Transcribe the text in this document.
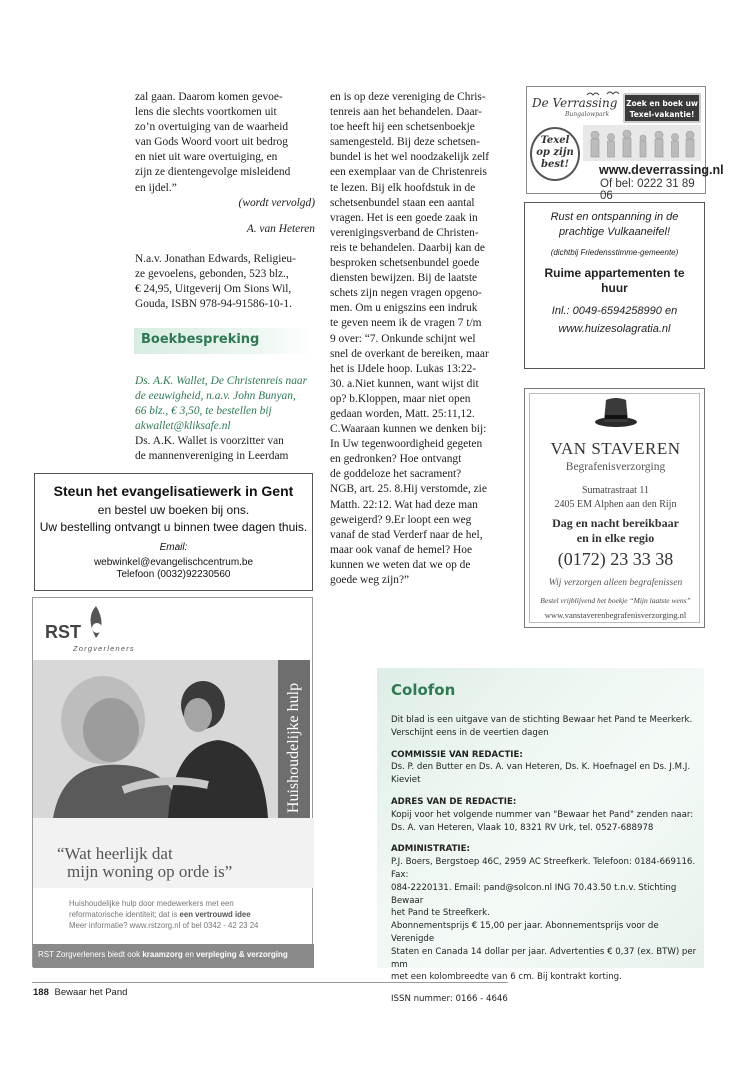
zal gaan. Daarom komen gevoe-
lens die slechts voortkomen uit
zo’n overtuiging van de waarheid
van Gods Woord voort uit bedrog
en niet uit ware overtuiging, en
zijn ze dientengevolge misleidend
en ijdel.”
(wordt vervolgd)
A. van Heteren
N.a.v. Jonathan Edwards, Religieu-
ze gevoelens, gebonden, 523 blz.,
€ 24,95, Uitgeverij Om Sions Wil,
Gouda, ISBN 978-94-91586-10-1.
Boekbespreking
Ds. A.K. Wallet, De Christenreis naar
de eeuwigheid, n.a.v. John Bunyan,
66 blz., € 3,50, te bestellen bij
akwallet@kliksafe.nl
Ds. A.K. Wallet is voorzitter van
de mannenvereniging in Leerdam
en is op deze vereniging de Chris-
tenreis aan het behandelen. Daar-
toe heeft hij een schetsenboekje
samengesteld. Bij deze schetsen-
bundel is het wel noodzakelijk zelf
een exemplaar van de Christenreis
te lezen. Bij elk hoofdstuk in de
schetsenbundel staan een aantal
vragen. Het is een goede zaak in
verenigingsverband de Christen-
reis te behandelen. Daarbij kan de
besproken schetsenbundel goede
diensten bewijzen. Bij de laatste
schets zijn negen vragen opgeno-
men. Om u enigszins een indruk
te geven neem ik de vragen 7 t/m
9 over: “7. Onkunde schijnt wel
snel de overkant de bereiken, maar
het is IJdele hoop. Lukas 13:22-
30. a.Niet kunnen, want wijst dit
op? b.Kloppen, maar niet open
gedaan worden, Matt. 25:11,12.
C.Waaraan kunnen we denken bij:
In Uw tegenwoordigheid gegeten
en gedronken? Hoe ontvangt
de goddeloze het sacrament?
NGB, art. 25. 8.Hij verstomde, zie
Matth. 22:12. Wat had deze man
geweigerd? 9.Er loopt een weg
vanaf de stad Verderf naar de hel,
maar ook vanaf de hemel? Hoe
kunnen we weten dat we op de
goede weg zijn?”
De Verrassing
Bungalowpark
Zoek en boek uw
Texel-vakantie!
Texel
op zijn
best!	www.deverrassing.nl
Of bel: 0222 31 89 06
Rust en ontspanning in de
prachtige Vulkaaneifel!
(dichtbij Friedensstimme-gemeente)
Ruime appartementen te
huur
Inl.: 0049-6594258990 en
www.huizesolagratia.nl
VAN STAVEREN
Begrafenisverzorging
Sumatrastraat 11
2405 EM Alphen aan den Rijn
Dag en nacht bereikbaar
en in elke regio
(0172) 23 33 38
Wij verzorgen alleen begrafenissen
Bestel vrijblijvend het boekje “Mijn laatste wens”
www.vanstaverenbegrafenisverzorging.nl
Steun het evangelisatiewerk in Gent
en bestel uw boeken bij ons.
Uw bestelling ontvangt u binnen twee dagen thuis.
Email:
webwinkel@evangelischcentrum.be
Telefoon (0032)92230560
RST
Zorgverleners
Huishoudelijke hulp
“Wat heerlijk dat
mijn woning op orde is”
Huishoudelijke hulp door medewerkers met een
reformatorische identiteit; dat is een vertrouwd idee
Meer informatie? www.rstzorg.nl of bel 0342 - 42 23 24
RST Zorgverleners biedt ook kraamzorg en verpleging & verzorging
Colofon
Dit blad is een uitgave van de stichting Bewaar het Pand te Meerkerk.
Verschijnt eens in de veertien dagen
COMMISSIE VAN REDACTIE:
Ds. P. den Butter en Ds. A. van Heteren, Ds. K. Hoefnagel en Ds. J.M.J. Kieviet
ADRES VAN DE REDACTIE:
Kopij voor het volgende nummer van "Bewaar het Pand" zenden naar:
Ds. A. van Heteren, Vlaak 10, 8321 RV Urk, tel. 0527-688978
ADMINISTRATIE:
P.J. Boers, Bergstoep 46C, 2959 AC Streefkerk. Telefoon: 0184-669116. Fax:
084-2220131. Email: pand@solcon.nl ING 70.43.50 t.n.v. Stichting Bewaar
het Pand te Streefkerk.
Abonnementsprijs € 15,00 per jaar. Abonnementsprijs voor de Verenigde
Staten en Canada 14 dollar per jaar. Advertenties € 0,37 (ex. BTW) per mm
met een kolombreedte van 6 cm. Bij kontrakt korting.
ISSN nummer: 0166 - 4646
188 Bewaar het Pand
